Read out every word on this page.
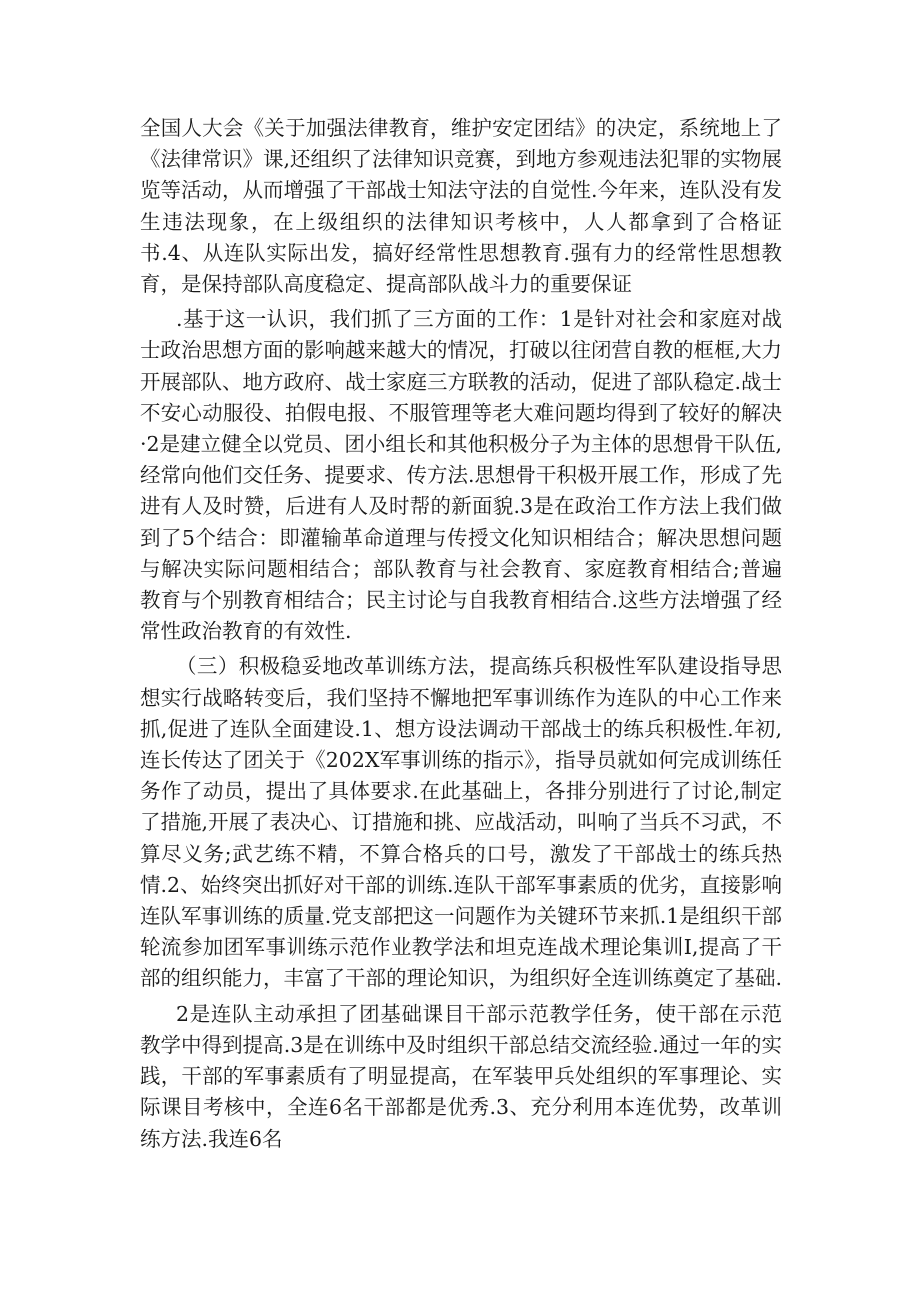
全国人大会《关于加强法律教育，维护安定团结》的决定，系统地上了《法律常识》课,还组织了法律知识竞赛，到地方参观违法犯罪的实物展览等活动，从而增强了干部战士知法守法的自觉性.今年来，连队没有发生违法现象，在上级组织的法律知识考核中，人人都拿到了合格证书.4、从连队实际出发，搞好经常性思想教育.强有力的经常性思想教育，是保持部队高度稳定、提高部队战斗力的重要保证

.基于这一认识，我们抓了三方面的工作：1是针对社会和家庭对战士政治思想方面的影响越来越大的情况，打破以往闭营自教的框框,大力开展部队、地方政府、战士家庭三方联教的活动，促进了部队稳定.战士不安心动服役、拍假电报、不服管理等老大难问题均得到了较好的解决·2是建立健全以党员、团小组长和其他积极分子为主体的思想骨干队伍,经常向他们交任务、提要求、传方法.思想骨干积极开展工作，形成了先进有人及时赞，后进有人及时帮的新面貌.3是在政治工作方法上我们做到了5个结合：即灌输革命道理与传授文化知识相结合；解决思想问题与解决实际问题相结合；部队教育与社会教育、家庭教育相结合;普遍教育与个别教育相结合；民主讨论与自我教育相结合.这些方法增强了经常性政治教育的有效性.

（三）积极稳妥地改革训练方法，提高练兵积极性军队建设指导思想实行战略转变后，我们坚持不懈地把军事训练作为连队的中心工作来抓,促进了连队全面建设.1、想方设法调动干部战士的练兵积极性.年初,连长传达了团关于《202X军事训练的指示》，指导员就如何完成训练任务作了动员，提出了具体要求.在此基础上，各排分别进行了讨论,制定了措施,开展了表决心、订措施和挑、应战活动，叫响了当兵不习武，不算尽义务;武艺练不精，不算合格兵的口号，激发了干部战士的练兵热情.2、始终突出抓好对干部的训练.连队干部军事素质的优劣，直接影响连队军事训练的质量.党支部把这一问题作为关键环节来抓.1是组织干部轮流参加团军事训练示范作业教学法和坦克连战术理论集训I,提高了干部的组织能力，丰富了干部的理论知识，为组织好全连训练奠定了基础.

2是连队主动承担了团基础课目干部示范教学任务，使干部在示范教学中得到提高.3是在训练中及时组织干部总结交流经验.通过一年的实践，干部的军事素质有了明显提高，在军装甲兵处组织的军事理论、实际课目考核中，全连6名干部都是优秀.3、充分利用本连优势，改革训练方法.我连6名
